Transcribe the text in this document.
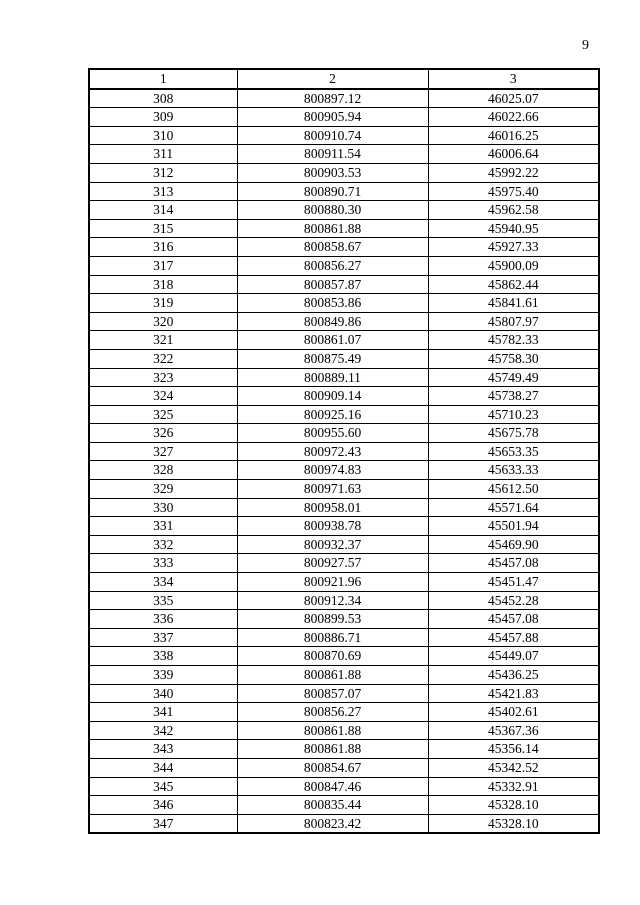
9
1	2	3
308	800897.12	46025.07
309	800905.94	46022.66
310	800910.74	46016.25
311	800911.54	46006.64
312	800903.53	45992.22
313	800890.71	45975.40
314	800880.30	45962.58
315	800861.88	45940.95
316	800858.67	45927.33
317	800856.27	45900.09
318	800857.87	45862.44
319	800853.86	45841.61
320	800849.86	45807.97
321	800861.07	45782.33
322	800875.49	45758.30
323	800889.11	45749.49
324	800909.14	45738.27
325	800925.16	45710.23
326	800955.60	45675.78
327	800972.43	45653.35
328	800974.83	45633.33
329	800971.63	45612.50
330	800958.01	45571.64
331	800938.78	45501.94
332	800932.37	45469.90
333	800927.57	45457.08
334	800921.96	45451.47
335	800912.34	45452.28
336	800899.53	45457.08
337	800886.71	45457.88
338	800870.69	45449.07
339	800861.88	45436.25
340	800857.07	45421.83
341	800856.27	45402.61
342	800861.88	45367.36
343	800861.88	45356.14
344	800854.67	45342.52
345	800847.46	45332.91
346	800835.44	45328.10
347	800823.42	45328.10
